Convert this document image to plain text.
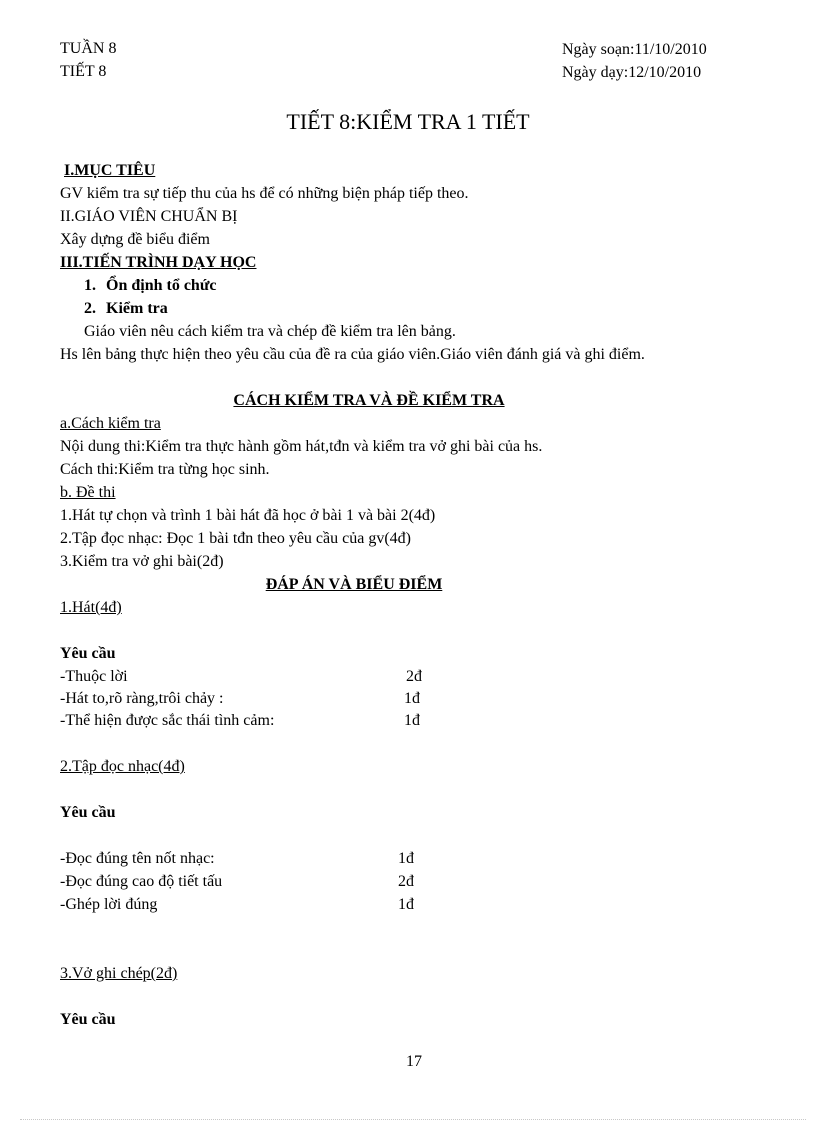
TUẦN 8
TIẾT 8
Ngày soạn:11/10/2010
Ngày dạy:12/10/2010
TIẾT 8:KIỂM TRA 1 TIẾT
I.MỤC TIÊU
GV kiểm tra sự tiếp thu của hs để có những biện pháp tiếp theo.
II.GIÁO VIÊN CHUẨN BỊ
Xây dựng đề biểu điểm
III.TIẾN TRÌNH DẠY HỌC
1. Ổn định tổ chức
2. Kiểm tra
Giáo viên nêu cách kiểm tra và chép đề kiểm tra lên bảng.
Hs lên bảng thực hiện theo yêu cầu của đề ra của giáo viên.Giáo viên đánh giá và ghi điểm.
CÁCH KIỂM TRA VÀ ĐỀ KIỂM TRA
a.Cách kiểm tra
Nội dung thi:Kiểm tra thực hành gồm hát,tđn và kiểm tra vở ghi bài của hs.
Cách thi:Kiểm tra từng học sinh.
b. Đề thi
1.Hát tự chọn và trình 1 bài hát đã học ở bài 1 và bài 2(4đ)
2.Tập đọc nhạc: Đọc 1 bài tđn theo yêu cầu của gv(4đ)
3.Kiểm tra vở ghi bài(2đ)
ĐÁP ÁN VÀ BIỂU ĐIỂM
1.Hát(4đ)
Yêu cầu
-Thuộc lời	2đ
-Hát to,rõ ràng,trôi chảy :	1đ
-Thể hiện được sắc thái tình cảm:	1đ
2.Tập đọc nhạc(4đ)
Yêu cầu
-Đọc đúng tên nốt nhạc:	1đ
-Đọc đúng cao độ tiết tấu	2đ
-Ghép lời đúng	1đ
3.Vở ghi chép(2đ)
Yêu cầu
17
